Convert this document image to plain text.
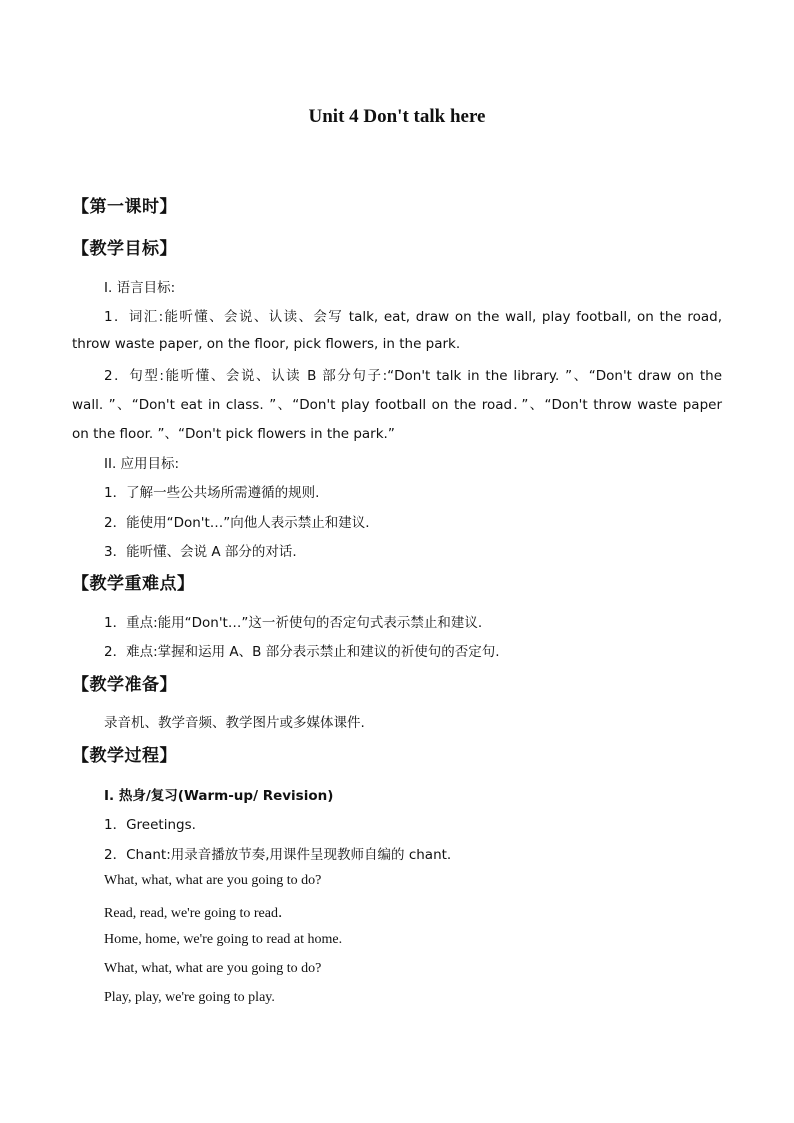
Unit 4 Don't talk here
【第一课时】
【教学目标】
I. 语言目标:
1．词汇:能听懂、会说、认读、会写 talk, eat, draw on the wall, play football, on the road,
throw waste paper, on the floor, pick flowers, in the park.
2．句型:能听懂、会说、认读 B 部分句子:“Don't talk in the library. ”、“Don't draw on the
wall. ”、“Don't eat in class. ”、“Don't play football on the road．”、“Don't throw waste paper
on the floor. ”、“Don't pick flowers in the park.”
II. 应用目标:
1．了解一些公共场所需遵循的规则.
2．能使用“Don't…”向他人表示禁止和建议.
3．能听懂、会说 A 部分的对话.
【教学重难点】
1．重点:能用“Don't…”这一祈使句的否定句式表示禁止和建议.
2．难点:掌握和运用 A、B 部分表示禁止和建议的祈使句的否定句.
【教学准备】
录音机、教学音频、教学图片或多媒体课件.
【教学过程】
I. 热身/复习(Warm-up/ Revision)
1．Greetings.
2．Chant:用录音播放节奏,用课件呈现教师自编的 chant.
What, what, what are you going to do?
Read, read, we're going to read．
Home, home, we're going to read at home.
What, what, what are you going to do?
Play, play, we're going to play.
